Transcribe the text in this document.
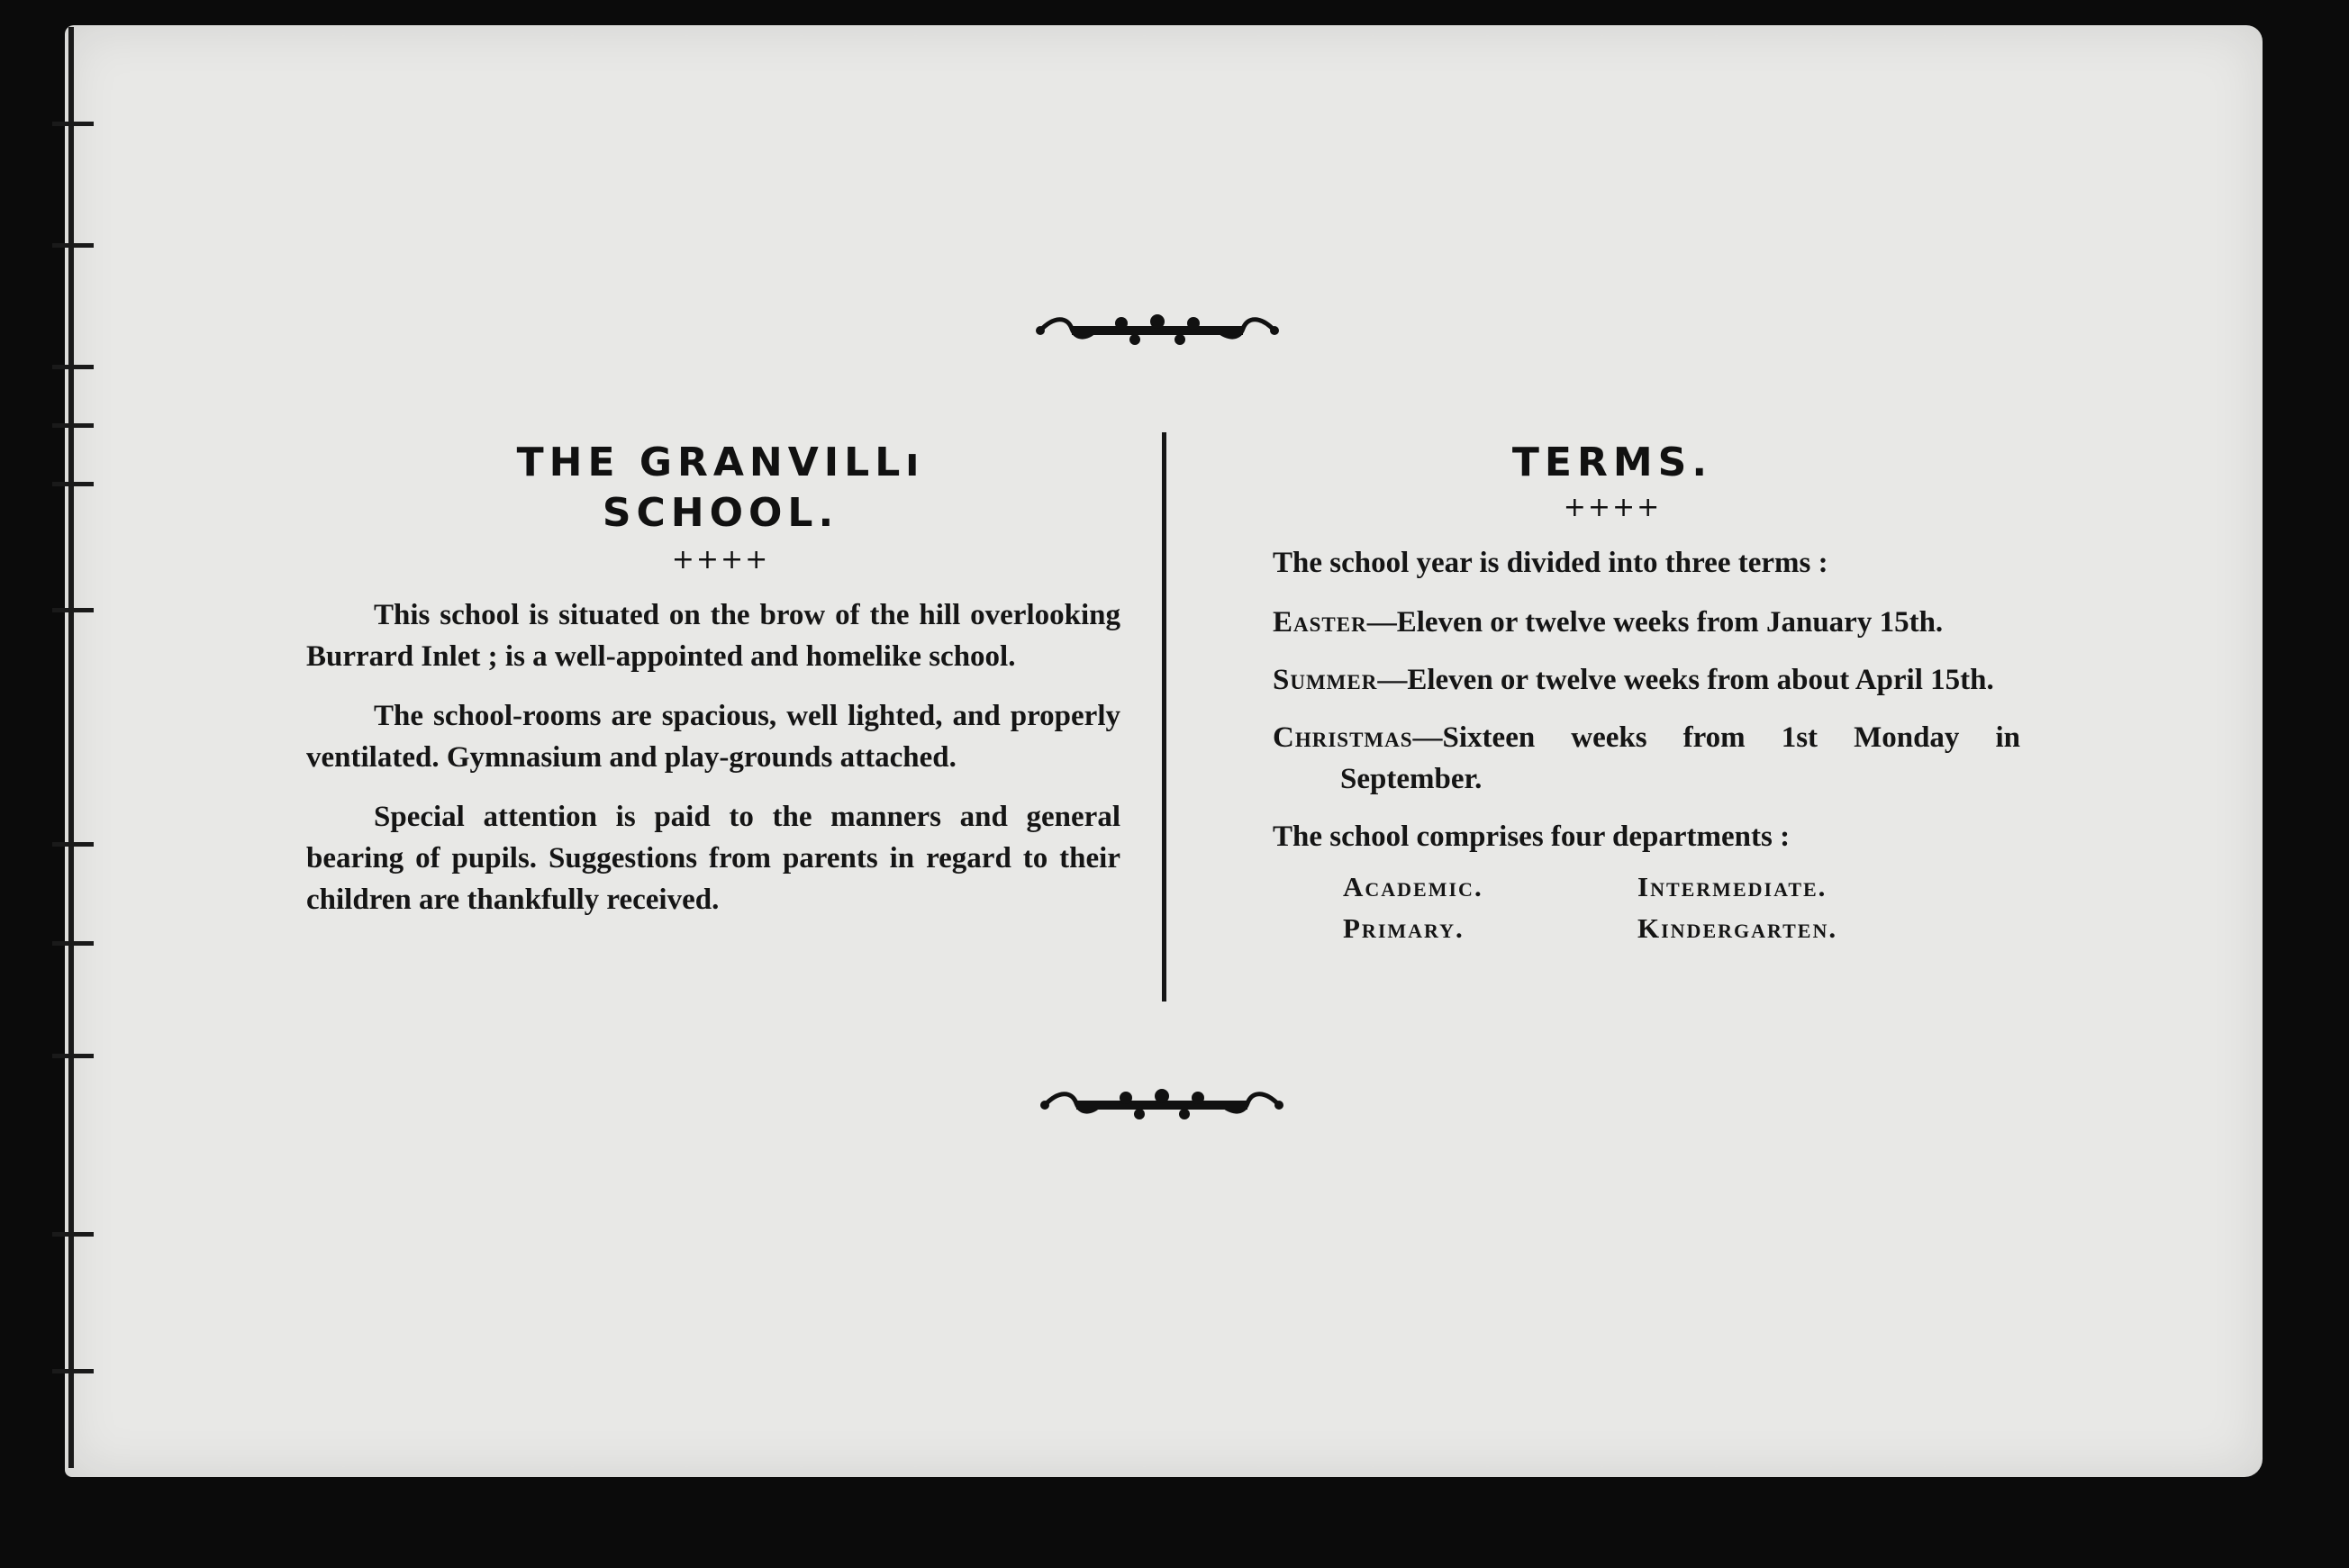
THE GRANVILLı
SCHOOL.
++++

This school is situated on the brow of the hill overlooking Burrard Inlet ; is a well-appointed and homelike school.

The school-rooms are spacious, well lighted, and properly ventilated. Gymnasium and play-grounds attached.

Special attention is paid to the manners and general bearing of pupils. Suggestions from parents in regard to their children are thankfully received.

TERMS.
++++
The school year is divided into three terms :
Easter—Eleven or twelve weeks from January 15th.
Summer—Eleven or twelve weeks from about April 15th.
Christmas—Sixteen weeks from 1st Monday in September.
The school comprises four departments :
Academic.	Intermediate.
Primary.	Kindergarten.
